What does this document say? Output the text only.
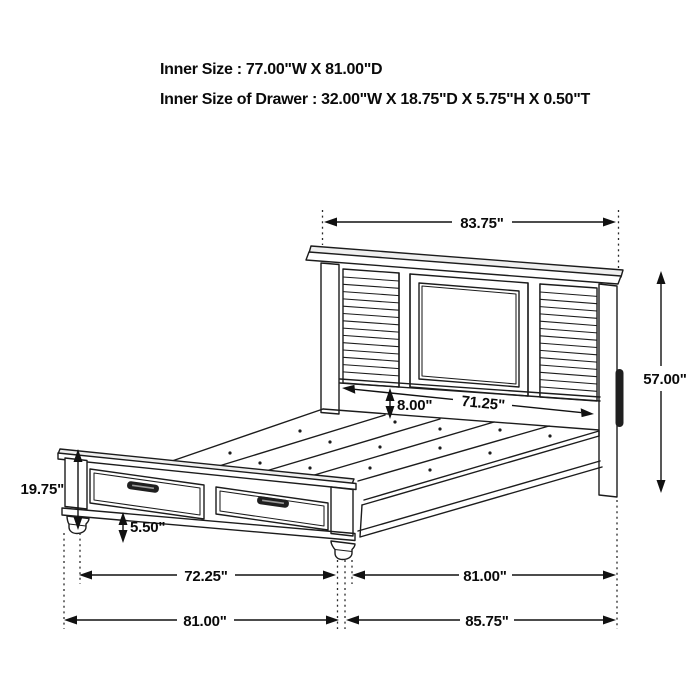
Inner Size : 77.00"W X 81.00"D
Inner Size of Drawer : 32.00"W X 18.75"D X 5.75"H X 0.50"T
83.75"
57.00"
8.00" 71.25"
19.75"
5.50"
72.25"	81.00"
81.00"	85.75"
